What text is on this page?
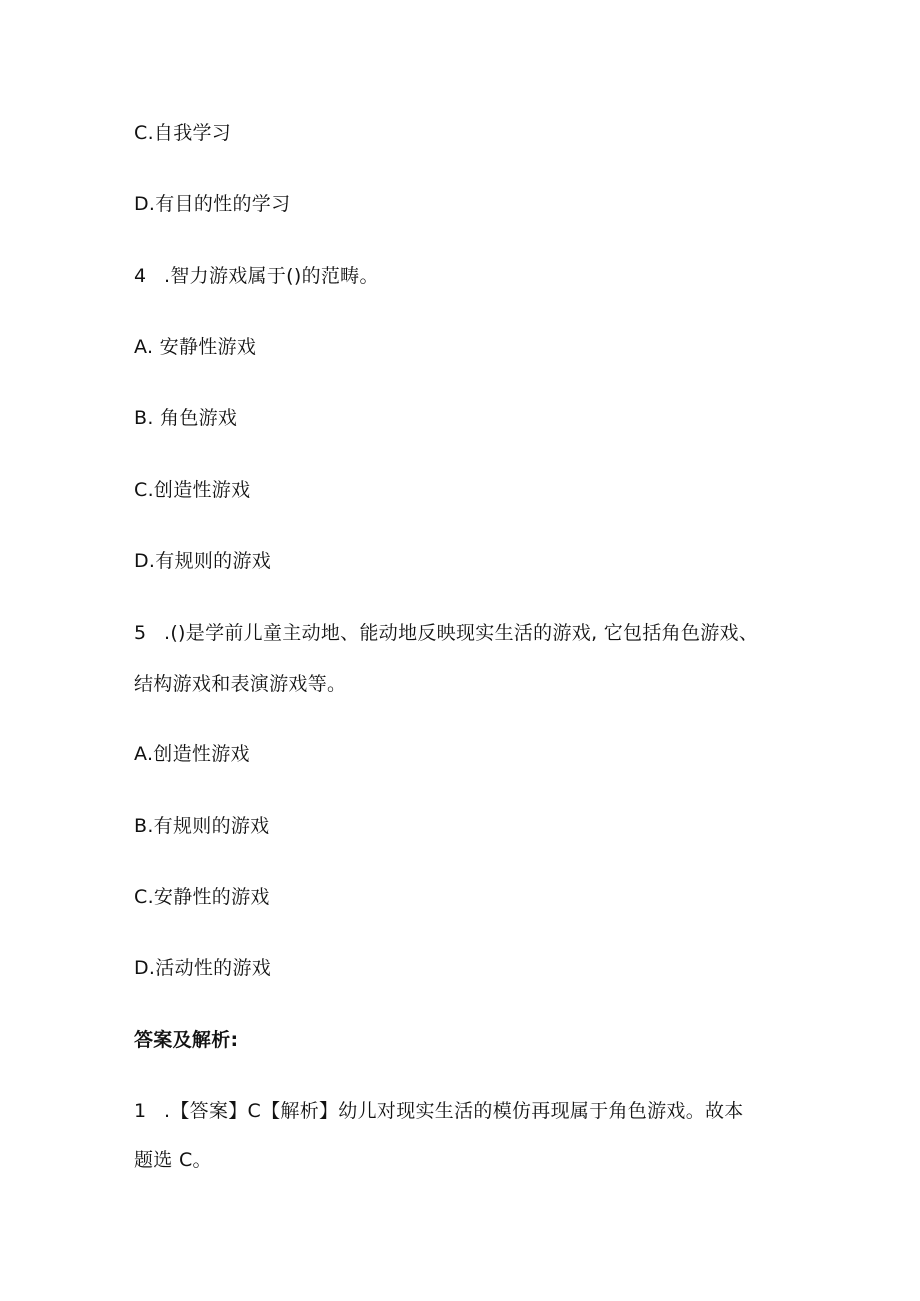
C.自我学习
D.有目的性的学习
4 .智力游戏属于()的范畴。
A. 安静性游戏
B. 角色游戏
C.创造性游戏
D.有规则的游戏
5 .()是学前儿童主动地、能动地反映现实生活的游戏, 它包括角色游戏、
结构游戏和表演游戏等。
A.创造性游戏
B.有规则的游戏
C.安静性的游戏
D.活动性的游戏
答案及解析:
1 .【答案】C【解析】幼儿对现实生活的模仿再现属于角色游戏。故本
题选 C。
